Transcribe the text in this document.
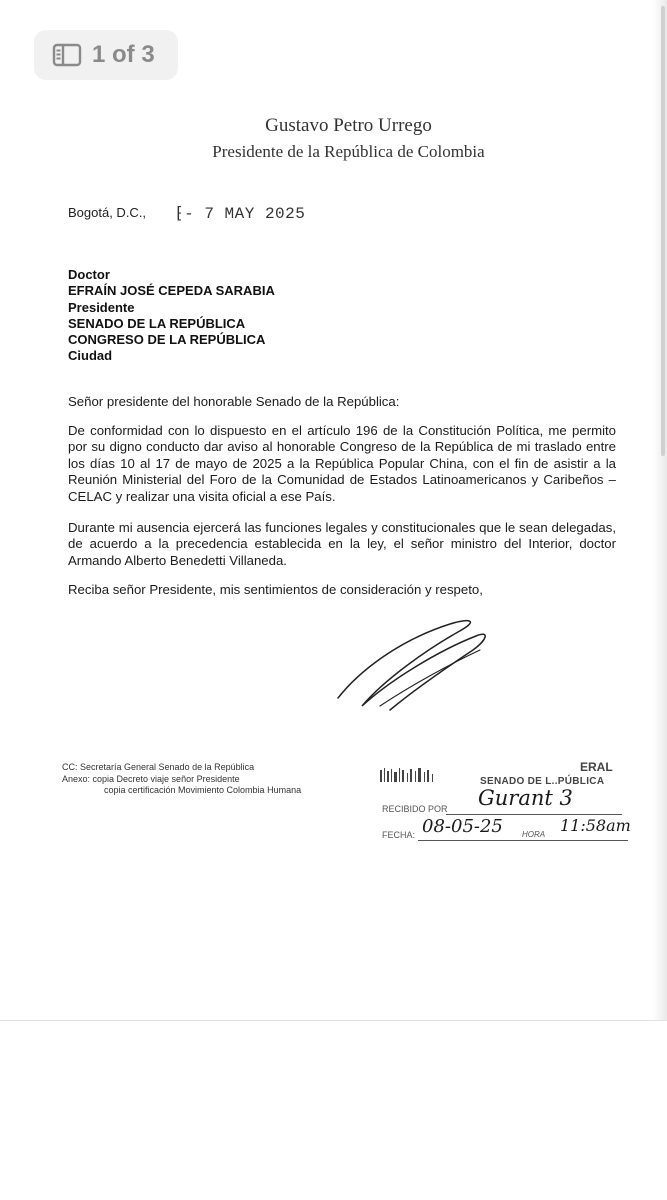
1 of 3
Gustavo Petro Urrego
Presidente de la República de Colombia
Bogotá, D.C., ⁅- 7 MAY 2025
Doctor
EFRAÍN JOSÉ CEPEDA SARABIA
Presidente
SENADO DE LA REPÚBLICA
CONGRESO DE LA REPÚBLICA
Ciudad
Señor presidente del honorable Senado de la República:
De conformidad con lo dispuesto en el artículo 196 de la Constitución Política, me permito por su digno conducto dar aviso al honorable Congreso de la República de mi traslado entre los días 10 al 17 de mayo de 2025 a la República Popular China, con el fin de asistir a la Reunión Ministerial del Foro de la Comunidad de Estados Latinoamericanos y Caribeños – CELAC y realizar una visita oficial a ese País.
Durante mi ausencia ejercerá las funciones legales y constitucionales que le sean delegadas, de acuerdo a la precedencia establecida en la ley, el señor ministro del Interior, doctor Armando Alberto Benedetti Villaneda.
Reciba señor Presidente, mis sentimientos de consideración y respeto,
CC: Secretaría General Senado de la República
Anexo: copia Decreto viaje señor Presidente
copia certificación Movimiento Colombia Humana
ERAL
SENADO DE L..PÚBLICA
RECIBIDO POR Gurant 3
FECHA: 08-05-25 HORA 11:58am
